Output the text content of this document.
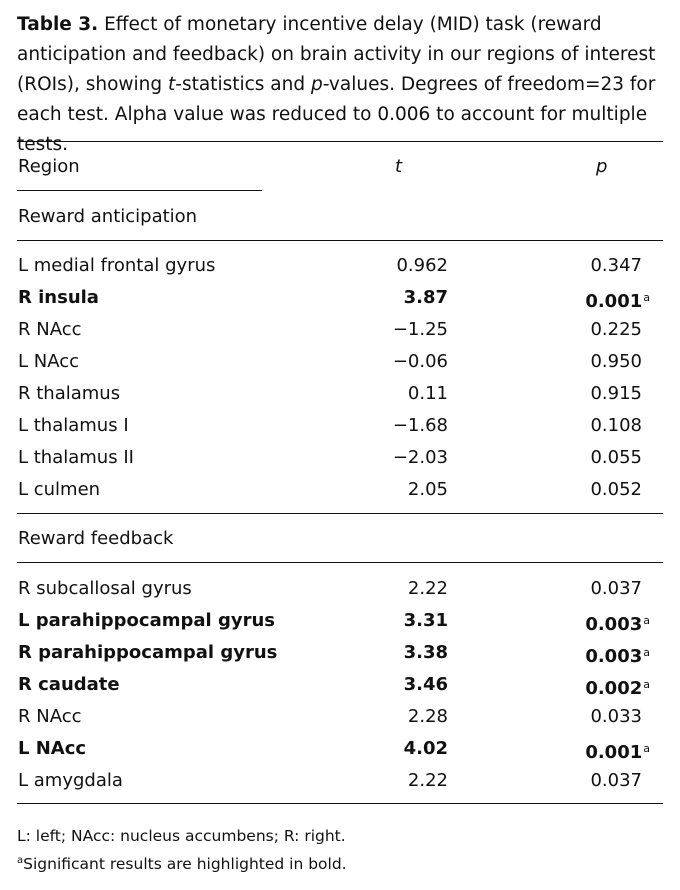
Table 3. Effect of monetary incentive delay (MID) task (reward anticipation and feedback) on brain activity in our regions of interest (ROIs), showing t-statistics and p-values. Degrees of freedom=23 for each test. Alpha value was reduced to 0.006 to account for multiple tests.
Region	t	p
Reward anticipation
L medial frontal gyrus	0.962	0.347
R insula	3.87	0.001$^a$
R NAcc	−1.25	0.225
L NAcc	−0.06	0.950
R thalamus	0.11	0.915
L thalamus I	−1.68	0.108
L thalamus II	−2.03	0.055
L culmen	2.05	0.052
Reward feedback
R subcallosal gyrus	2.22	0.037
L parahippocampal gyrus	3.31	0.003$^a$
R parahippocampal gyrus	3.38	0.003$^a$
R caudate	3.46	0.002$^a$
R NAcc	2.28	0.033
L NAcc	4.02	0.001$^a$
L amygdala	2.22	0.037
L: left; NAcc: nucleus accumbens; R: right.
$^a$Significant results are highlighted in bold.
